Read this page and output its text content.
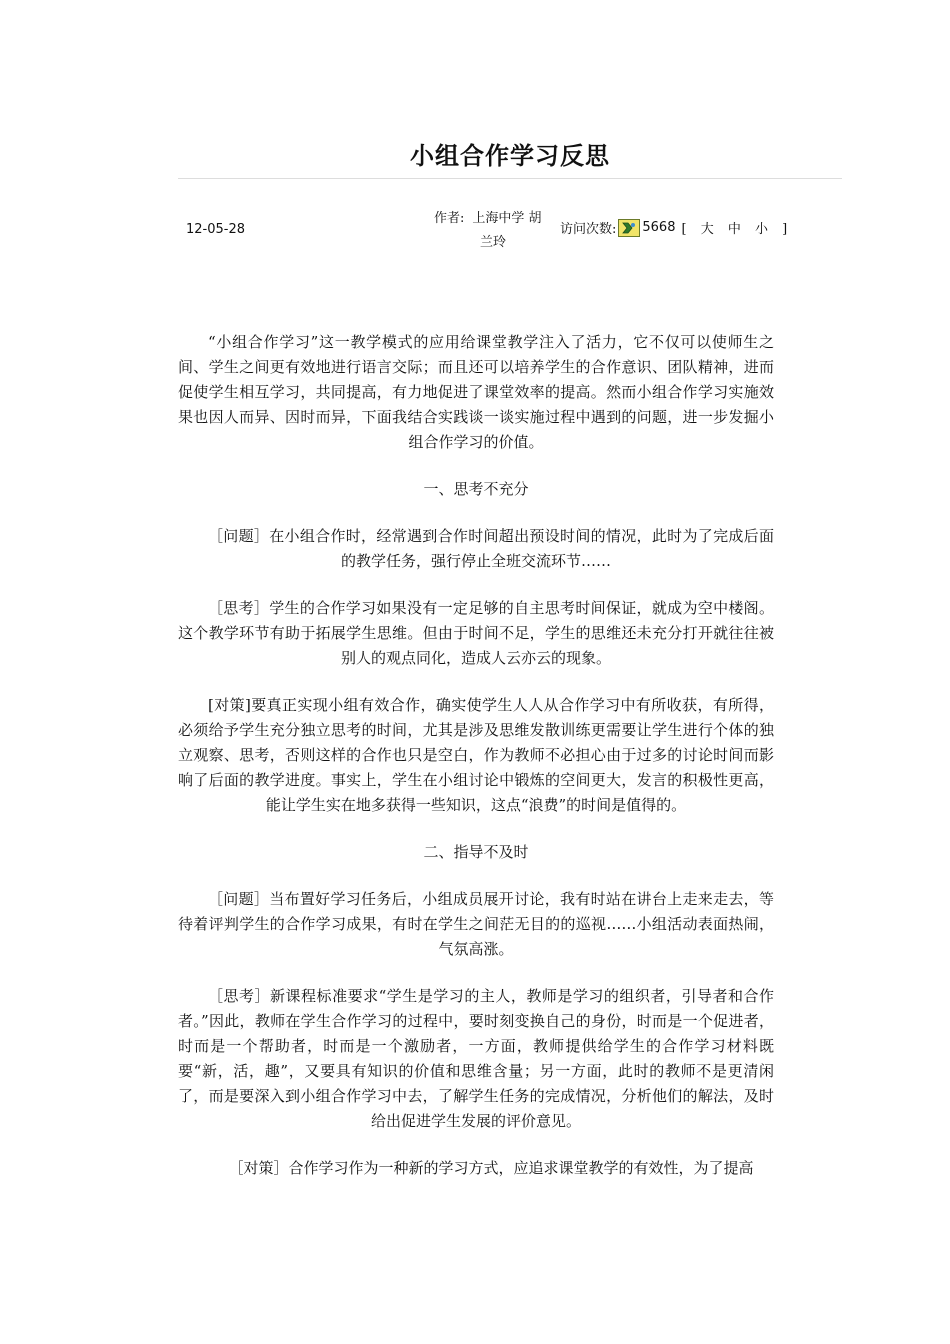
小组合作学习反思
12-05-28
作者: 上海中学 胡
兰玲
访问次数: 5668 [ 大 中 小 ]

“小组合作学习”这一教学模式的应用给课堂教学注入了活力，它不仅可以使师生之间、学生之间更有效地进行语言交际；而且还可以培养学生的合作意识、团队精神，进而促使学生相互学习，共同提高，有力地促进了课堂效率的提高。然而小组合作学习实施效果也因人而异、因时而异，下面我结合实践谈一谈实施过程中遇到的问题，进一步发掘小组合作学习的价值。

一、思考不充分

［问题］在小组合作时，经常遇到合作时间超出预设时间的情况，此时为了完成后面的教学任务，强行停止全班交流环节……

［思考］学生的合作学习如果没有一定足够的自主思考时间保证，就成为空中楼阁。这个教学环节有助于拓展学生思维。但由于时间不足，学生的思维还未充分打开就往往被别人的观点同化，造成人云亦云的现象。

[对策]要真正实现小组有效合作，确实使学生人人从合作学习中有所收获，有所得，必须给予学生充分独立思考的时间，尤其是涉及思维发散训练更需要让学生进行个体的独立观察、思考，否则这样的合作也只是空白，作为教师不必担心由于过多的讨论时间而影响了后面的教学进度。事实上，学生在小组讨论中锻炼的空间更大，发言的积极性更高，能让学生实在地多获得一些知识，这点“浪费”的时间是值得的。

二、指导不及时

［问题］当布置好学习任务后，小组成员展开讨论，我有时站在讲台上走来走去，等待着评判学生的合作学习成果，有时在学生之间茫无目的的巡视……小组活动表面热闹，气氛高涨。

［思考］新课程标准要求“学生是学习的主人，教师是学习的组织者，引导者和合作者。”因此，教师在学生合作学习的过程中，要时刻变换自己的身份，时而是一个促进者，时而是一个帮助者，时而是一个激励者，一方面，教师提供给学生的合作学习材料既要“新，活，趣”，又要具有知识的价值和思维含量；另一方面，此时的教师不是更清闲了，而是要深入到小组合作学习中去，了解学生任务的完成情况，分析他们的解法，及时给出促进学生发展的评价意见。

［对策］合作学习作为一种新的学习方式，应追求课堂教学的有效性，为了提高
